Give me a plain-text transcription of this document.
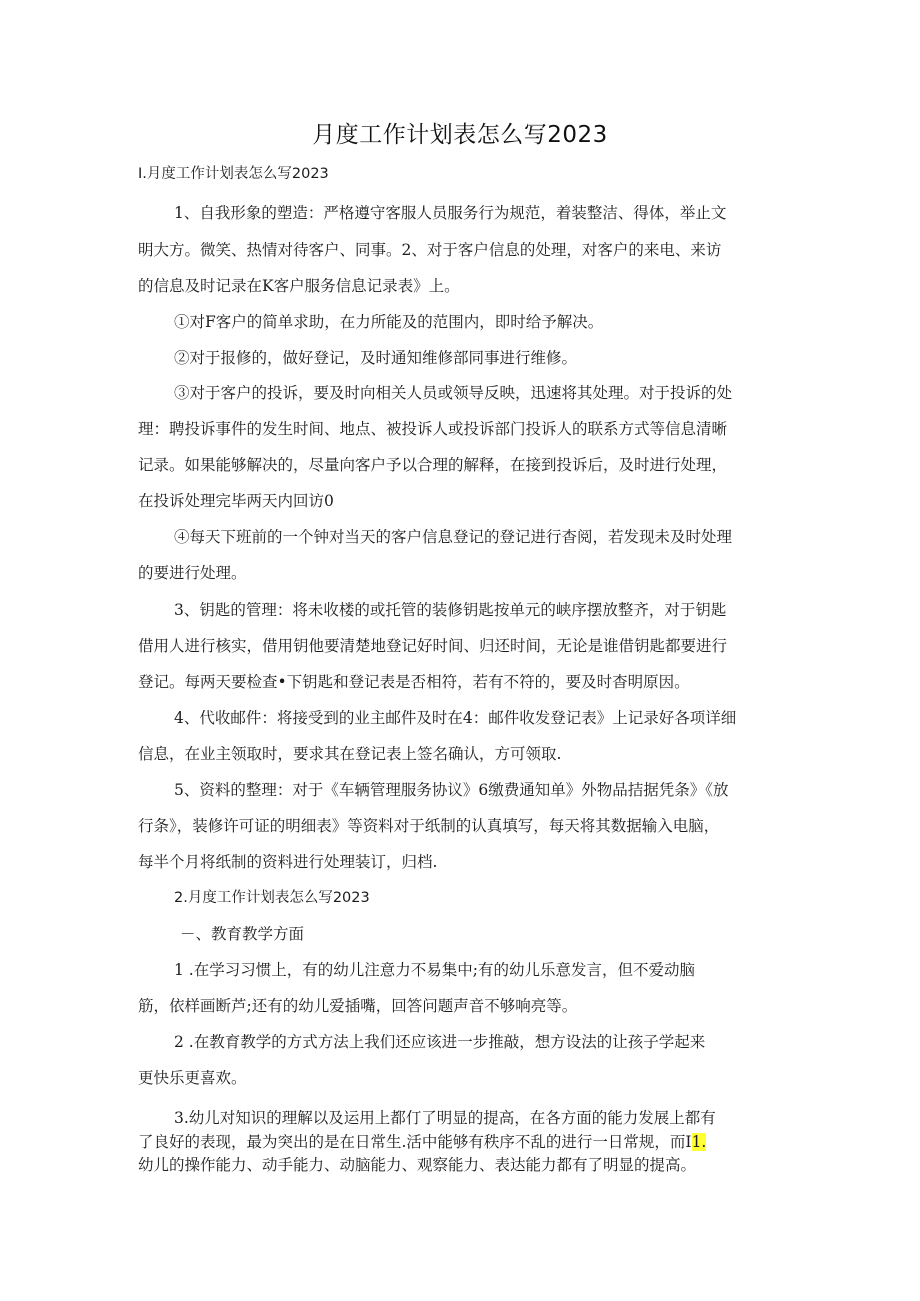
月度工作计划表怎么写2023
I.月度工作计划表怎么写2023
1、自我形象的塑造：严格遵守客服人员服务行为规范，着装整洁、得体，举止文
明大方。微笑、热情对待客户、同事。2、对于客户信息的处理，对客户的来电、来访
的信息及时记录在K客户服务信息记录表》上。
①对F客户的简单求助，在力所能及的范围内，即时给予解决。
②对于报修的，做好登记，及时通知维修部同事进行维修。
③对于客户的投诉，要及时向相关人员或领导反映，迅速将其处理。对于投诉的处
理：聘投诉事件的发生时间、地点、被投诉人或投诉部门投诉人的联系方式等信息清晰
记录。如果能够解决的，尽量向客户予以合理的解释，在接到投诉后，及时进行处理，
在投诉处理完毕两天内回访0
④每天下班前的一个钟对当天的客户信息登记的登记进行杳阅，若发现未及时处理
的要进行处理。
3、钥匙的管理：将未收楼的或托管的装修钥匙按单元的峡序摆放整齐，对于钥匙
借用人进行核实，借用钥他要清楚地登记好时间、归还时间，无论是谁借钥匙都要进行
登记。每两天要检查•下钥匙和登记表是否相符，若有不符的，要及时杳明原因。
4、代收邮件：将接受到的业主邮件及时在4：邮件收发登记表》上记录好各项详细
信息，在业主领取时，要求其在登记表上签名确认，方可领取.
5、资料的整理：对于《车辆管理服务协议》6缴费通知单》外物品拮据凭条》《放
行条》，装修许可证的明细表》等资料对于纸制的认真填写，每天将其数据输入电脑，
每半个月将纸制的资料进行处理装订，归档.
2.月度工作计划表怎么写2023
－、教育教学方面
1 .在学习习惯上，有的幼儿注意力不易集中;有的幼儿乐意发言，但不爱动脑
筋，依样画断芦;还有的幼儿爱插嘴，回答问题声音不够响亮等。
2 .在教育教学的方式方法上我们还应该进一步推敲，想方设法的让孩子学起来
更快乐更喜欢。
3.幼儿对知识的理解以及运用上都仃了明显的提高，在各方面的能力发展上都有
了良好的表现，最为突出的是在日常生.活中能够有秩序不乱的进行一日常规，而I1.
幼儿的操作能力、动手能力、动脑能力、观察能力、表达能力都有了明显的提高。
